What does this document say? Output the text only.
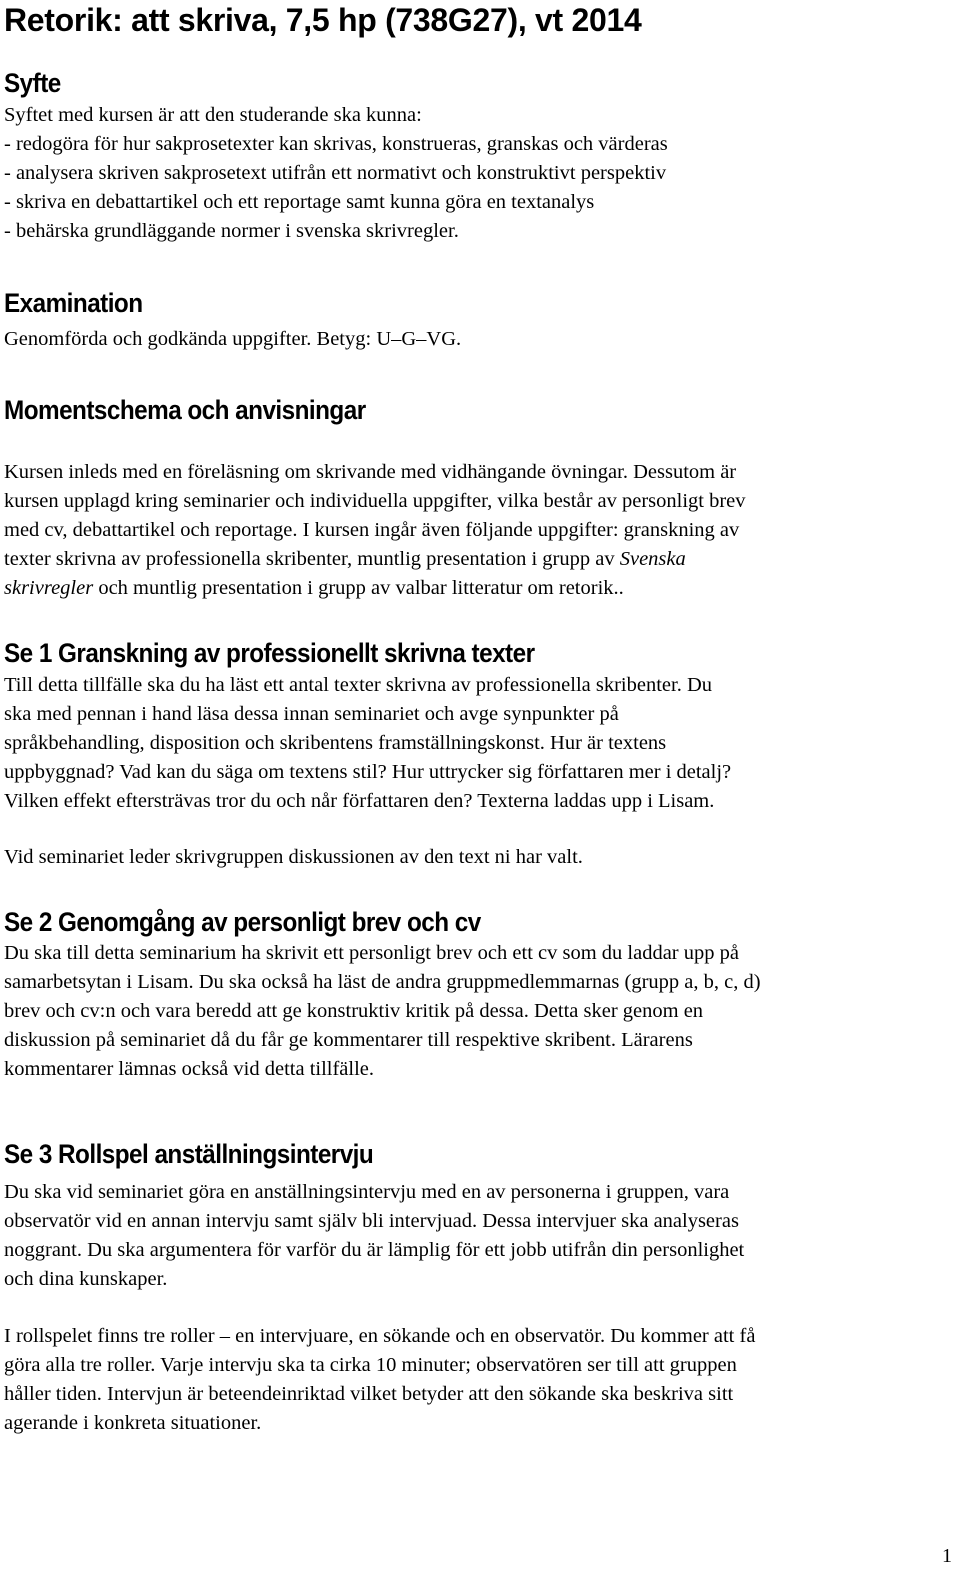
Retorik: att skriva, 7,5 hp (738G27), vt 2014
Syfte
Syftet med kursen är att den studerande ska kunna:
- redogöra för hur sakprosetexter kan skrivas, konstrueras, granskas och värderas
- analysera skriven sakprosetext utifrån ett normativt och konstruktivt perspektiv
- skriva en debattartikel och ett reportage samt kunna göra en textanalys
- behärska grundläggande normer i svenska skrivregler.
Examination
Genomförda och godkända uppgifter. Betyg: U–G–VG.
Momentschema och anvisningar
Kursen inleds med en föreläsning om skrivande med vidhängande övningar. Dessutom är
kursen upplagd kring seminarier och individuella uppgifter, vilka består av personligt brev
med cv, debattartikel och reportage. I kursen ingår även följande uppgifter: granskning av
texter skrivna av professionella skribenter, muntlig presentation i grupp av Svenska
skrivregler och muntlig presentation i grupp av valbar litteratur om retorik..
Se 1 Granskning av professionellt skrivna texter
Till detta tillfälle ska du ha läst ett antal texter skrivna av professionella skribenter. Du
ska med pennan i hand läsa dessa innan seminariet och avge synpunkter på
språkbehandling, disposition och skribentens framställningskonst. Hur är textens
uppbyggnad? Vad kan du säga om textens stil? Hur uttrycker sig författaren mer i detalj?
Vilken effekt eftersträvas tror du och når författaren den? Texterna laddas upp i Lisam.
Vid seminariet leder skrivgruppen diskussionen av den text ni har valt.
Se 2 Genomgång av personligt brev och cv
Du ska till detta seminarium ha skrivit ett personligt brev och ett cv som du laddar upp på
samarbetsytan i Lisam. Du ska också ha läst de andra gruppmedlemmarnas (grupp a, b, c, d)
brev och cv:n och vara beredd att ge konstruktiv kritik på dessa. Detta sker genom en
diskussion på seminariet då du får ge kommentarer till respektive skribent. Lärarens
kommentarer lämnas också vid detta tillfälle.
Se 3 Rollspel anställningsintervju
Du ska vid seminariet göra en anställningsintervju med en av personerna i gruppen, vara
observatör vid en annan intervju samt själv bli intervjuad. Dessa intervjuer ska analyseras
noggrant. Du ska argumentera för varför du är lämplig för ett jobb utifrån din personlighet
och dina kunskaper.
I rollspelet finns tre roller – en intervjuare, en sökande och en observatör. Du kommer att få
göra alla tre roller. Varje intervju ska ta cirka 10 minuter; observatören ser till att gruppen
håller tiden. Intervjun är beteendeinriktad vilket betyder att den sökande ska beskriva sitt
agerande i konkreta situationer.
1
